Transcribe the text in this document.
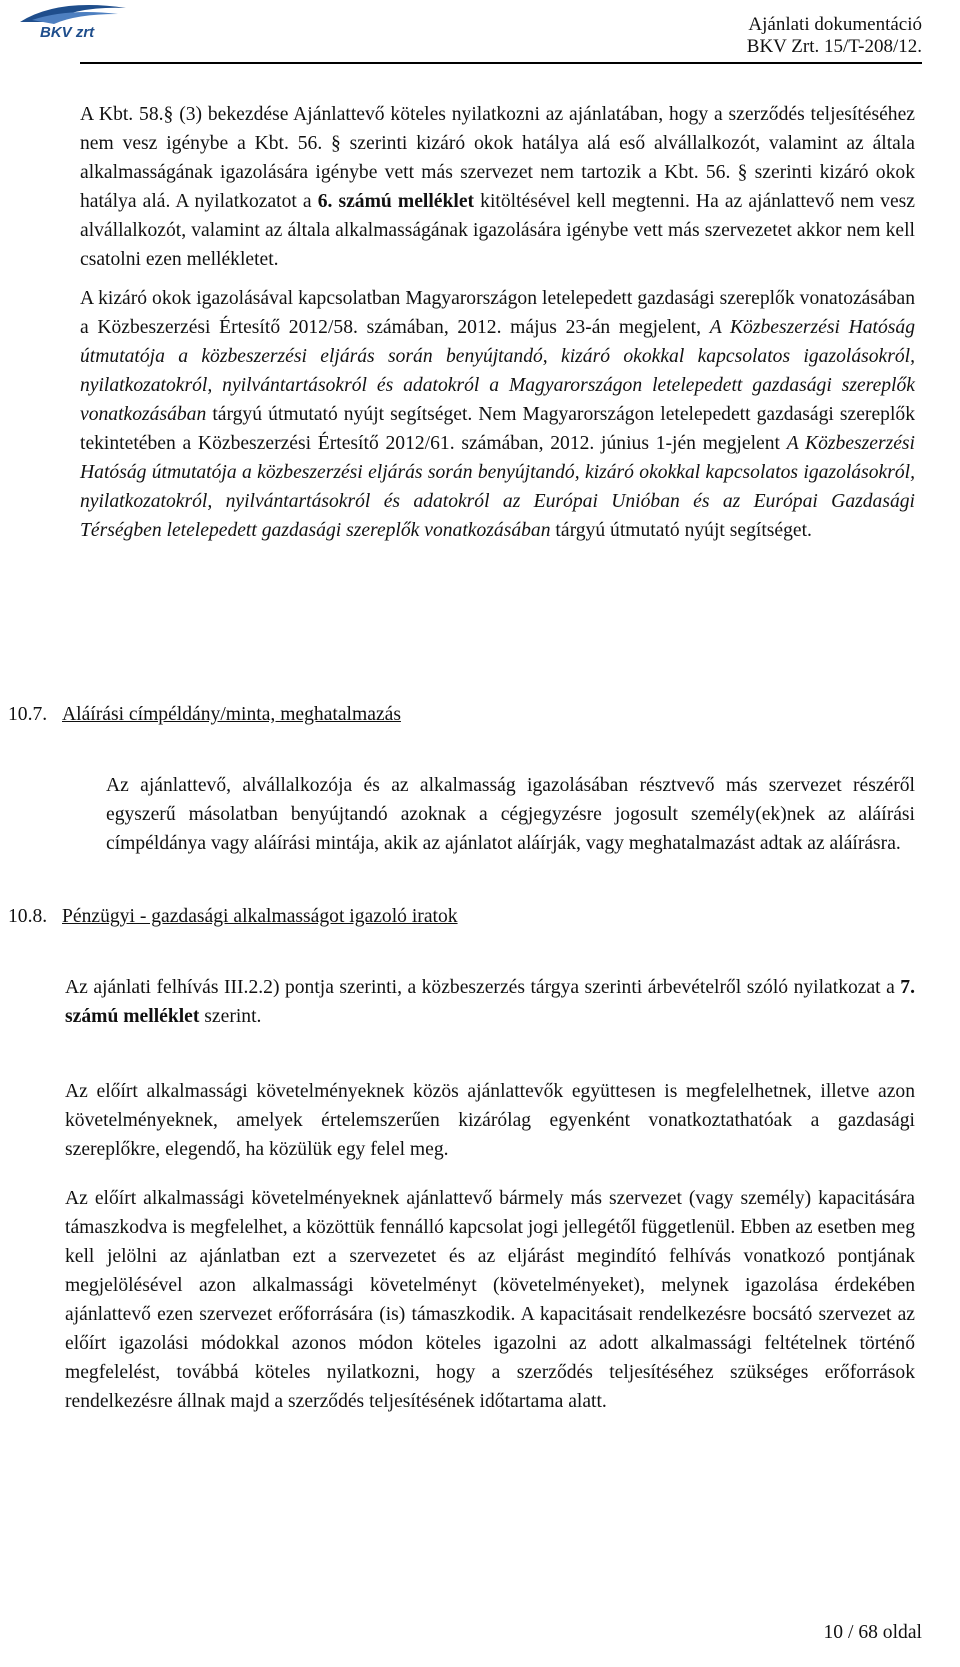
BKV zrt	Ajánlati dokumentáció
BKV Zrt. 15/T-208/12.

A Kbt. 58.§ (3) bekezdése Ajánlattevő köteles nyilatkozni az ajánlatában, hogy a szerződés teljesítéséhez nem vesz igénybe a Kbt. 56. § szerinti kizáró okok hatálya alá eső alvállalkozót, valamint az általa alkalmasságának igazolására igénybe vett más szervezet nem tartozik a Kbt. 56. § szerinti kizáró okok hatálya alá. A nyilatkozatot a 6. számú melléklet kitöltésével kell megtenni. Ha az ajánlattevő nem vesz alvállalkozót, valamint az általa alkalmasságának igazolására igénybe vett más szervezetet akkor nem kell csatolni ezen mellékletet.

A kizáró okok igazolásával kapcsolatban Magyarországon letelepedett gazdasági szereplők vonatozásában a Közbeszerzési Értesítő 2012/58. számában, 2012. május 23-án megjelent, A Közbeszerzési Hatóság útmutatója a közbeszerzési eljárás során benyújtandó, kizáró okokkal kapcsolatos igazolásokról, nyilatkozatokról, nyilvántartásokról és adatokról a Magyarországon letelepedett gazdasági szereplők vonatkozásában tárgyú útmutató nyújt segítséget. Nem Magyarországon letelepedett gazdasági szereplők tekintetében a Közbeszerzési Értesítő 2012/61. számában, 2012. június 1-jén megjelent A Közbeszerzési Hatóság útmutatója a közbeszerzési eljárás során benyújtandó, kizáró okokkal kapcsolatos igazolásokról, nyilatkozatokról, nyilvántartásokról és adatokról az Európai Unióban és az Európai Gazdasági Térségben letelepedett gazdasági szereplők vonatkozásában tárgyú útmutató nyújt segítséget.

10.7. Aláírási címpéldány/minta, meghatalmazás

Az ajánlattevő, alvállalkozója és az alkalmasság igazolásában résztvevő más szervezet részéről egyszerű másolatban benyújtandó azoknak a cégjegyzésre jogosult személy(ek)nek az aláírási címpéldánya vagy aláírási mintája, akik az ajánlatot aláírják, vagy meghatalmazást adtak az aláírásra.

10.8. Pénzügyi - gazdasági alkalmasságot igazoló iratok

Az ajánlati felhívás III.2.2) pontja szerinti, a közbeszerzés tárgya szerinti árbevételről szóló nyilatkozat a 7. számú melléklet szerint.

Az előírt alkalmassági követelményeknek közös ajánlattevők együttesen is megfelelhetnek, illetve azon követelményeknek, amelyek értelemszerűen kizárólag egyenként vonatkoztathatóak a gazdasági szereplőkre, elegendő, ha közülük egy felel meg.

Az előírt alkalmassági követelményeknek ajánlattevő bármely más szervezet (vagy személy) kapacitására támaszkodva is megfelelhet, a közöttük fennálló kapcsolat jogi jellegétől függetlenül. Ebben az esetben meg kell jelölni az ajánlatban ezt a szervezetet és az eljárást megindító felhívás vonatkozó pontjának megjelölésével azon alkalmassági követelményt (követelményeket), melynek igazolása érdekében ajánlattevő ezen szervezet erőforrására (is) támaszkodik. A kapacitásait rendelkezésre bocsátó szervezet az előírt igazolási módokkal azonos módon köteles igazolni az adott alkalmassági feltételnek történő megfelelést, továbbá köteles nyilatkozni, hogy a szerződés teljesítéséhez szükséges erőforrások rendelkezésre állnak majd a szerződés teljesítésének időtartama alatt.

10 / 68 oldal
